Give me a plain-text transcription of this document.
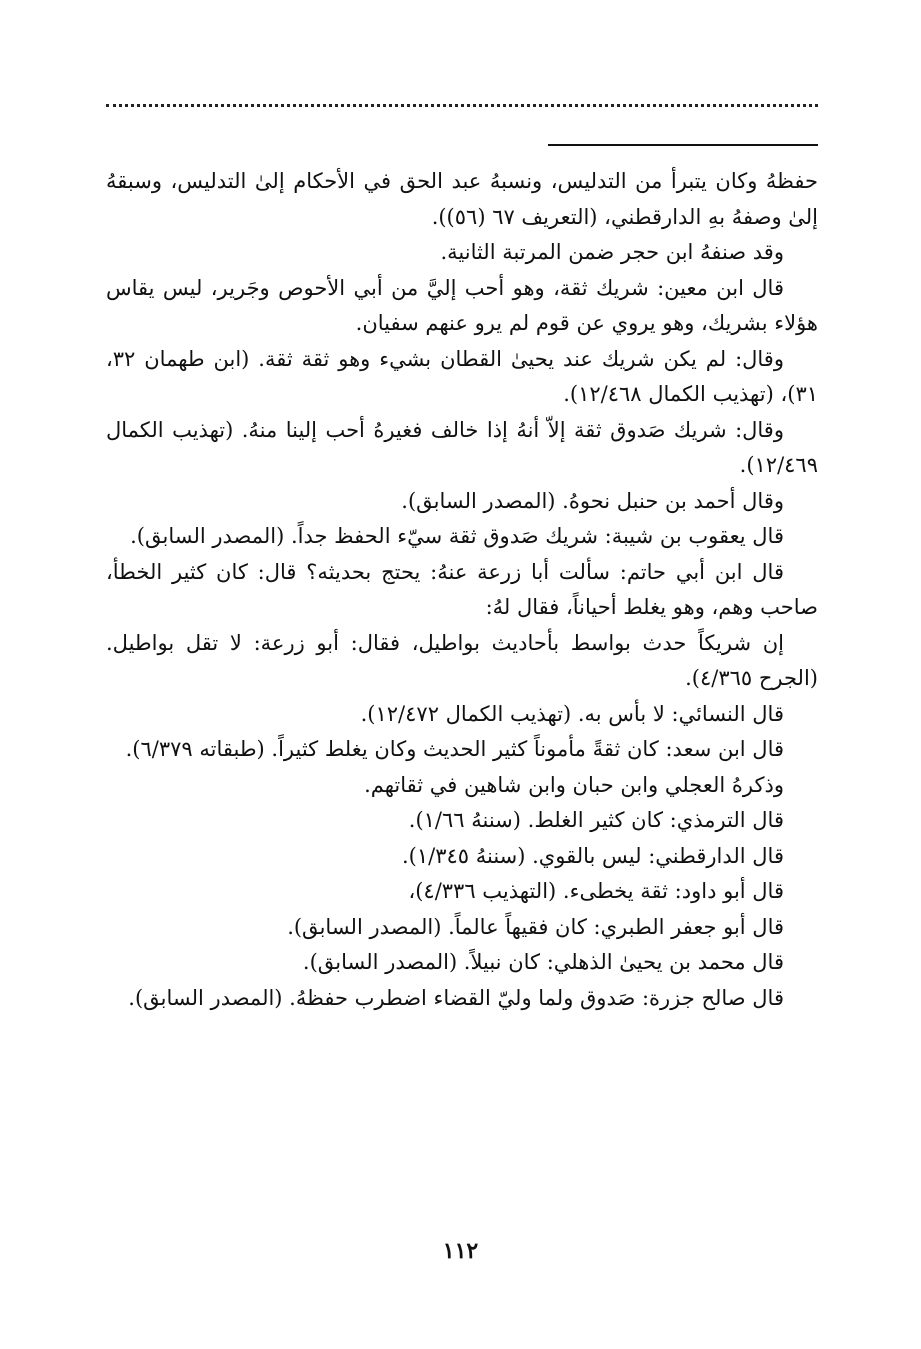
حفظهُ وكان يتبرأ من التدليس، ونسبهُ عبد الحق في الأحكام إلىٰ التدليس، وسبقهُ إلىٰ وصفهُ بهِ الدارقطني، (التعريف ٦٧ (٥٦)).

وقد صنفهُ ابن حجر ضمن المرتبة الثانية.

قال ابن معين: شريك ثقة، وهو أحب إليَّ من أبي الأحوص وجَرير، ليس يقاس هؤلاء بشريك، وهو يروي عن قوم لم يرو عنهم سفيان.

وقال: لم يكن شريك عند يحيىٰ القطان بشيء وهو ثقة ثقة. (ابن طهمان ٣٢، ٣١)، (تهذيب الكمال ١٢/٤٦٨).

وقال: شريك صَدوق ثقة إلاّ أنهُ إذا خالف فغيرهُ أحب إلينا منهُ. (تهذيب الكمال ١٢/٤٦٩).

وقال أحمد بن حنبل نحوهُ. (المصدر السابق).

قال يعقوب بن شيبة: شريك صَدوق ثقة سيّء الحفظ جداً. (المصدر السابق).

قال ابن أبي حاتم: سألت أبا زرعة عنهُ: يحتج بحديثه؟ قال: كان كثير الخطأ، صاحب وهم، وهو يغلط أحياناً، فقال لهُ:

إن شريكاً حدث بواسط بأحاديث بواطيل، فقال: أبو زرعة: لا تقل بواطيل. (الجرح ٤/٣٦٥).

قال النسائي: لا بأس به. (تهذيب الكمال ١٢/٤٧٢).

قال ابن سعد: كان ثقةً مأموناً كثير الحديث وكان يغلط كثيراً. (طبقاته ٦/٣٧٩).

وذكرهُ العجلي وابن حبان وابن شاهين في ثقاتهم.

قال الترمذي: كان كثير الغلط. (سننهُ ١/٦٦).

قال الدارقطني: ليس بالقوي. (سننهُ ١/٣٤٥).

قال أبو داود: ثقة يخطىء. (التهذيب ٤/٣٣٦)،

قال أبو جعفر الطبري: كان فقيهاً عالماً. (المصدر السابق).

قال محمد بن يحيىٰ الذهلي: كان نبيلاً. (المصدر السابق).

قال صالح جزرة: صَدوق ولما وليّ القضاء اضطرب حفظهُ. (المصدر السابق).

١١٢
